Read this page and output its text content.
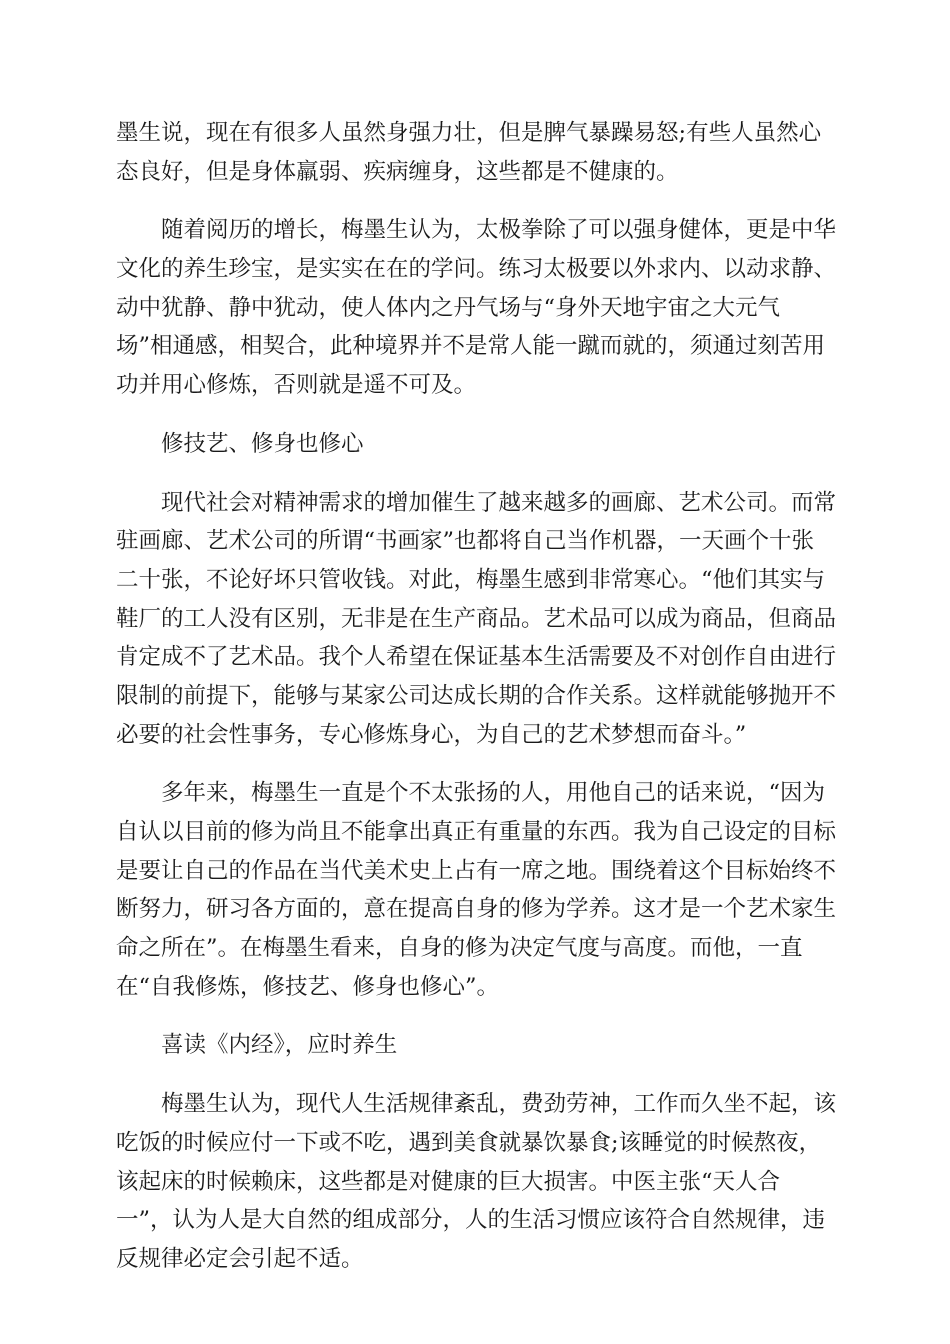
墨生说，现在有很多人虽然身强力壮，但是脾气暴躁易怒;有些人虽然心
态良好，但是身体羸弱、疾病缠身，这些都是不健康的。
随着阅历的增长，梅墨生认为，太极拳除了可以强身健体，更是中华
文化的养生珍宝，是实实在在的学问。练习太极要以外求内、以动求静、
动中犹静、静中犹动，使人体内之丹气场与“身外天地宇宙之大元气
场”相通感，相契合，此种境界并不是常人能一蹴而就的，须通过刻苦用
功并用心修炼，否则就是遥不可及。
修技艺、修身也修心
现代社会对精神需求的增加催生了越来越多的画廊、艺术公司。而常
驻画廊、艺术公司的所谓“书画家”也都将自己当作机器，一天画个十张
二十张，不论好坏只管收钱。对此，梅墨生感到非常寒心。“他们其实与
鞋厂的工人没有区别，无非是在生产商品。艺术品可以成为商品，但商品
肯定成不了艺术品。我个人希望在保证基本生活需要及不对创作自由进行
限制的前提下，能够与某家公司达成长期的合作关系。这样就能够抛开不
必要的社会性事务，专心修炼身心，为自己的艺术梦想而奋斗。”
多年来，梅墨生一直是个不太张扬的人，用他自己的话来说，“因为
自认以目前的修为尚且不能拿出真正有重量的东西。我为自己设定的目标
是要让自己的作品在当代美术史上占有一席之地。围绕着这个目标始终不
断努力，研习各方面的，意在提高自身的修为学养。这才是一个艺术家生
命之所在”。在梅墨生看来，自身的修为决定气度与高度。而他，一直
在“自我修炼，修技艺、修身也修心”。
喜读《内经》，应时养生
梅墨生认为，现代人生活规律紊乱，费劲劳神，工作而久坐不起，该
吃饭的时候应付一下或不吃，遇到美食就暴饮暴食;该睡觉的时候熬夜，
该起床的时候赖床，这些都是对健康的巨大损害。中医主张“天人合
一”，认为人是大自然的组成部分，人的生活习惯应该符合自然规律，违
反规律必定会引起不适。
